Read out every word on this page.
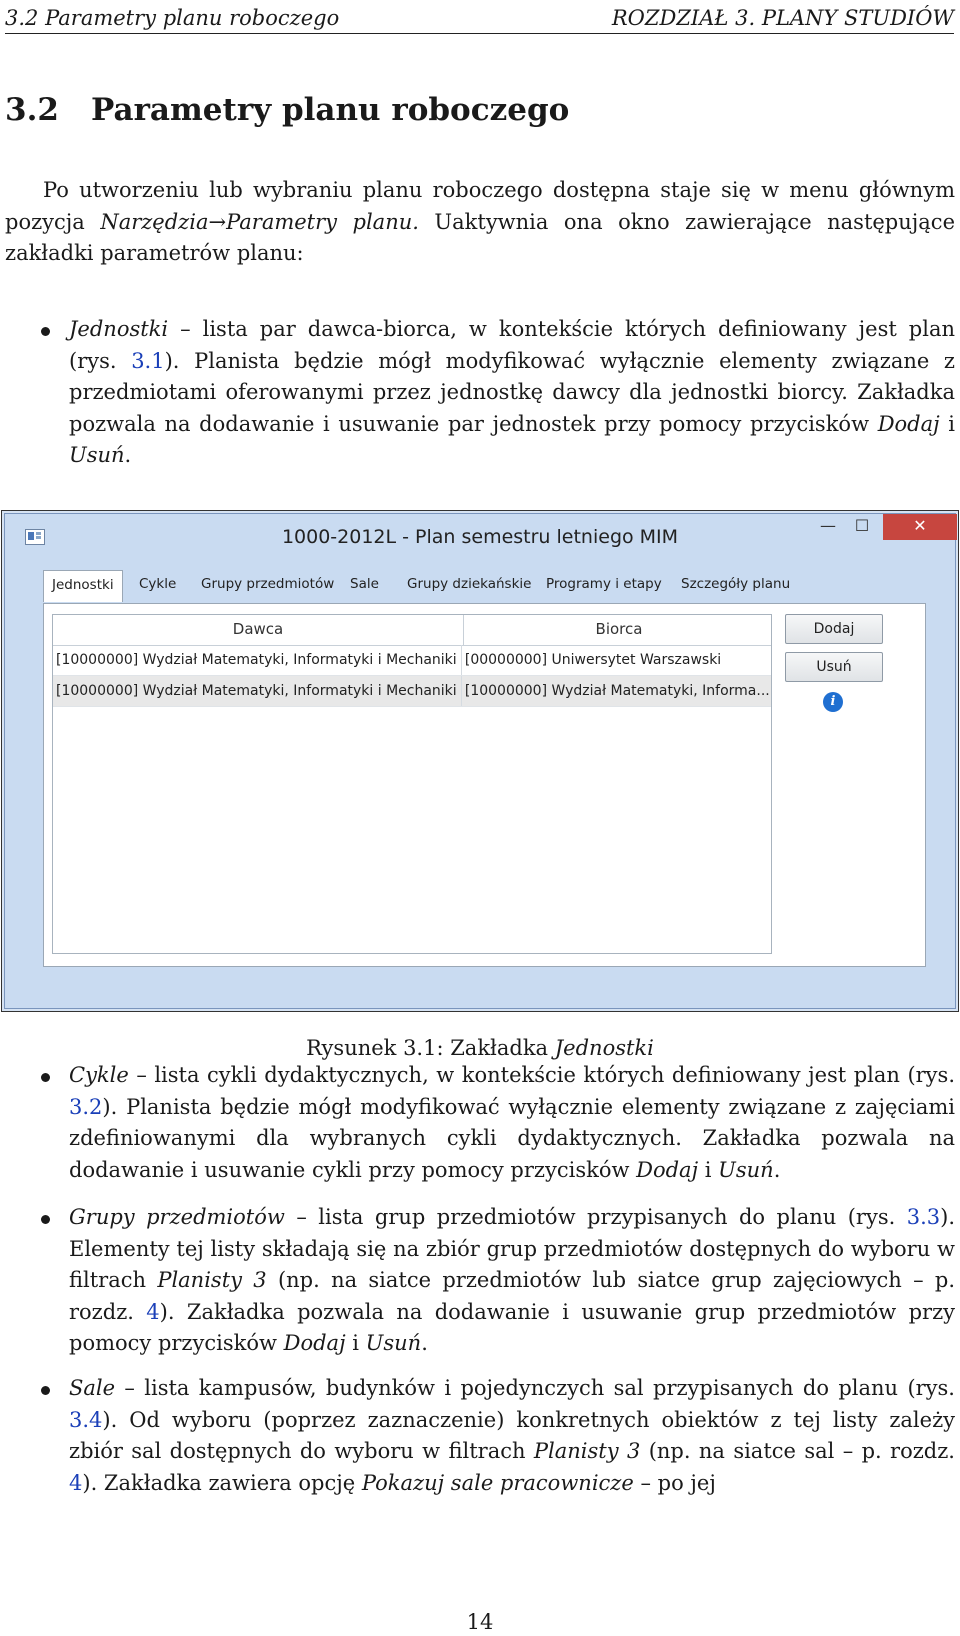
3.2 Parametry planu roboczego	ROZDZIAŁ 3. PLANY STUDIÓW
3.2 Parametry planu roboczego
Po utworzeniu lub wybraniu planu roboczego dostępna staje się w menu głównym pozycja Narzędzia→Parametry planu. Uaktywnia ona okno zawierające następujące zakładki parametrów planu:
Jednostki – lista par dawca-biorca, w kontekście których definiowany jest plan (rys. 3.1). Planista będzie mógł modyfikować wyłącznie elementy związane z przedmiotami oferowanymi przez jednostkę dawcy dla jednostki biorcy. Zakładka pozwala na dodawanie i usuwanie par jednostek przy pomocy przycisków Dodaj i Usuń.
1000-2012L - Plan semestru letniego MIM
—	☐	✕
Jednostki	Cykle Grupy przedmiotów Sale Grupy dziekańskie Programy i etapy Szczegóły planu
Dawca	Biorca
[10000000] Wydział Matematyki, Informatyki i Mechaniki [00000000] Uniwersytet Warszawski
[10000000] Wydział Matematyki, Informatyki i Mechaniki [10000000] Wydział Matematyki, Informa...
Dodaj
Usuń
i
Rysunek 3.1: Zakładka Jednostki
Cykle – lista cykli dydaktycznych, w kontekście których definiowany jest plan (rys. 3.2). Planista będzie mógł modyfikować wyłącznie elementy związane z zajęciami zdefiniowanymi dla wybranych cykli dydaktycznych. Zakładka pozwala na dodawanie i usuwanie cykli przy pomocy przycisków Dodaj i Usuń.
Grupy przedmiotów – lista grup przedmiotów przypisanych do planu (rys. 3.3). Elementy tej listy składają się na zbiór grup przedmiotów dostępnych do wyboru w filtrach Planisty 3 (np. na siatce przedmiotów lub siatce grup zajęciowych – p. rozdz. 4). Zakładka pozwala na dodawanie i usuwanie grup przedmiotów przy pomocy przycisków Dodaj i Usuń.
Sale – lista kampusów, budynków i pojedynczych sal przypisanych do planu (rys. 3.4). Od wyboru (poprzez zaznaczenie) konkretnych obiektów z tej listy zależy zbiór sal dostępnych do wyboru w filtrach Planisty 3 (np. na siatce sal – p. rozdz. 4). Zakładka zawiera opcję Pokazuj sale pracownicze – po jej
14
